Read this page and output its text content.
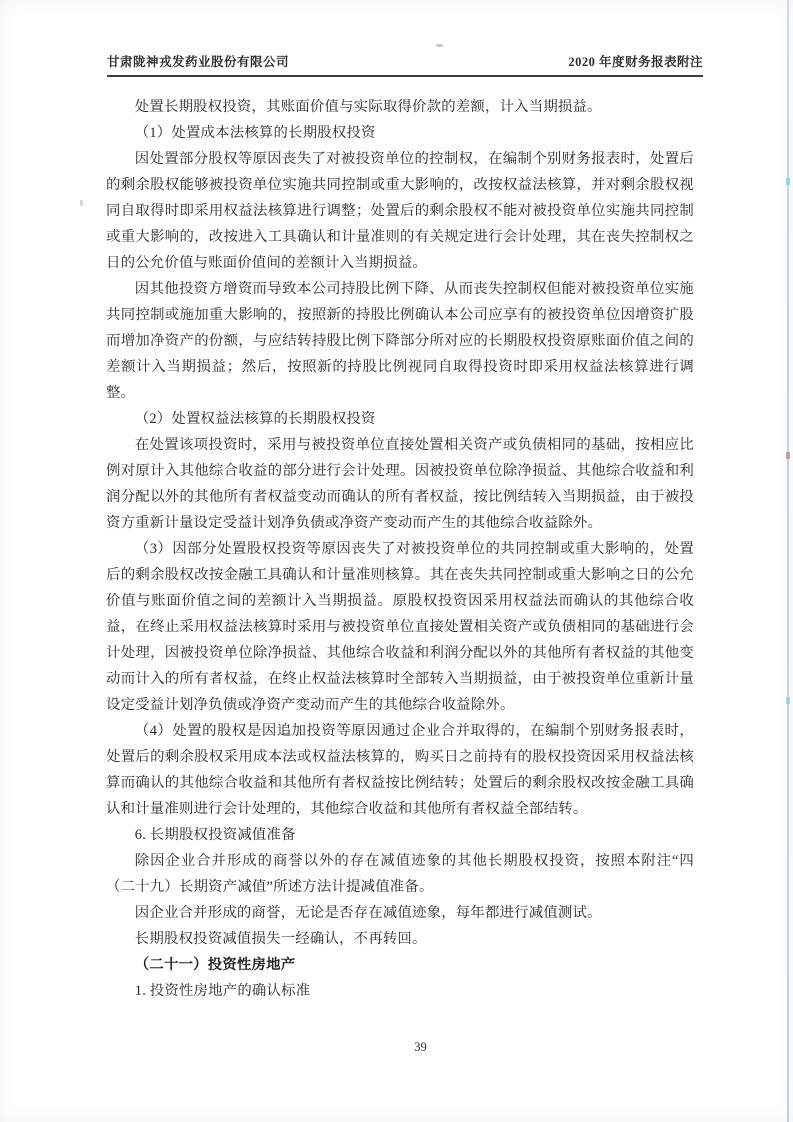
甘肃陇神戎发药业股份有限公司	2020 年度财务报表附注

处置长期股权投资，其账面价值与实际取得价款的差额，计入当期损益。

（1）处置成本法核算的长期股权投资

因处置部分股权等原因丧失了对被投资单位的控制权，在编制个别财务报表时，处置后的剩余股权能够被投资单位实施共同控制或重大影响的，改按权益法核算，并对剩余股权视同自取得时即采用权益法核算进行调整；处置后的剩余股权不能对被投资单位实施共同控制或重大影响的，改按进入工具确认和计量准则的有关规定进行会计处理，其在丧失控制权之日的公允价值与账面价值间的差额计入当期损益。

因其他投资方增资而导致本公司持股比例下降、从而丧失控制权但能对被投资单位实施共同控制或施加重大影响的，按照新的持股比例确认本公司应享有的被投资单位因增资扩股而增加净资产的份额，与应结转持股比例下降部分所对应的长期股权投资原账面价值之间的差额计入当期损益；然后，按照新的持股比例视同自取得投资时即采用权益法核算进行调整。

（2）处置权益法核算的长期股权投资

在处置该项投资时，采用与被投资单位直接处置相关资产或负债相同的基础，按相应比例对原计入其他综合收益的部分进行会计处理。因被投资单位除净损益、其他综合收益和利润分配以外的其他所有者权益变动而确认的所有者权益，按比例结转入当期损益，由于被投资方重新计量设定受益计划净负债或净资产变动而产生的其他综合收益除外。

（3）因部分处置股权投资等原因丧失了对被投资单位的共同控制或重大影响的，处置后的剩余股权改按金融工具确认和计量准则核算。其在丧失共同控制或重大影响之日的公允价值与账面价值之间的差额计入当期损益。原股权投资因采用权益法而确认的其他综合收益，在终止采用权益法核算时采用与被投资单位直接处置相关资产或负债相同的基础进行会计处理，因被投资单位除净损益、其他综合收益和利润分配以外的其他所有者权益的其他变动而计入的所有者权益，在终止权益法核算时全部转入当期损益，由于被投资单位重新计量设定受益计划净负债或净资产变动而产生的其他综合收益除外。

（4）处置的股权是因追加投资等原因通过企业合并取得的，在编制个别财务报表时，处置后的剩余股权采用成本法或权益法核算的，购买日之前持有的股权投资因采用权益法核算而确认的其他综合收益和其他所有者权益按比例结转；处置后的剩余股权改按金融工具确认和计量准则进行会计处理的，其他综合收益和其他所有者权益全部结转。

6. 长期股权投资减值准备

除因企业合并形成的商誉以外的存在减值迹象的其他长期股权投资，按照本附注“四（二十九）长期资产减值”所述方法计提减值准备。

因企业合并形成的商誉，无论是否存在减值迹象，每年都进行减值测试。

长期股权投资减值损失一经确认，不再转回。

（二十一）投资性房地产

1. 投资性房地产的确认标准

39
